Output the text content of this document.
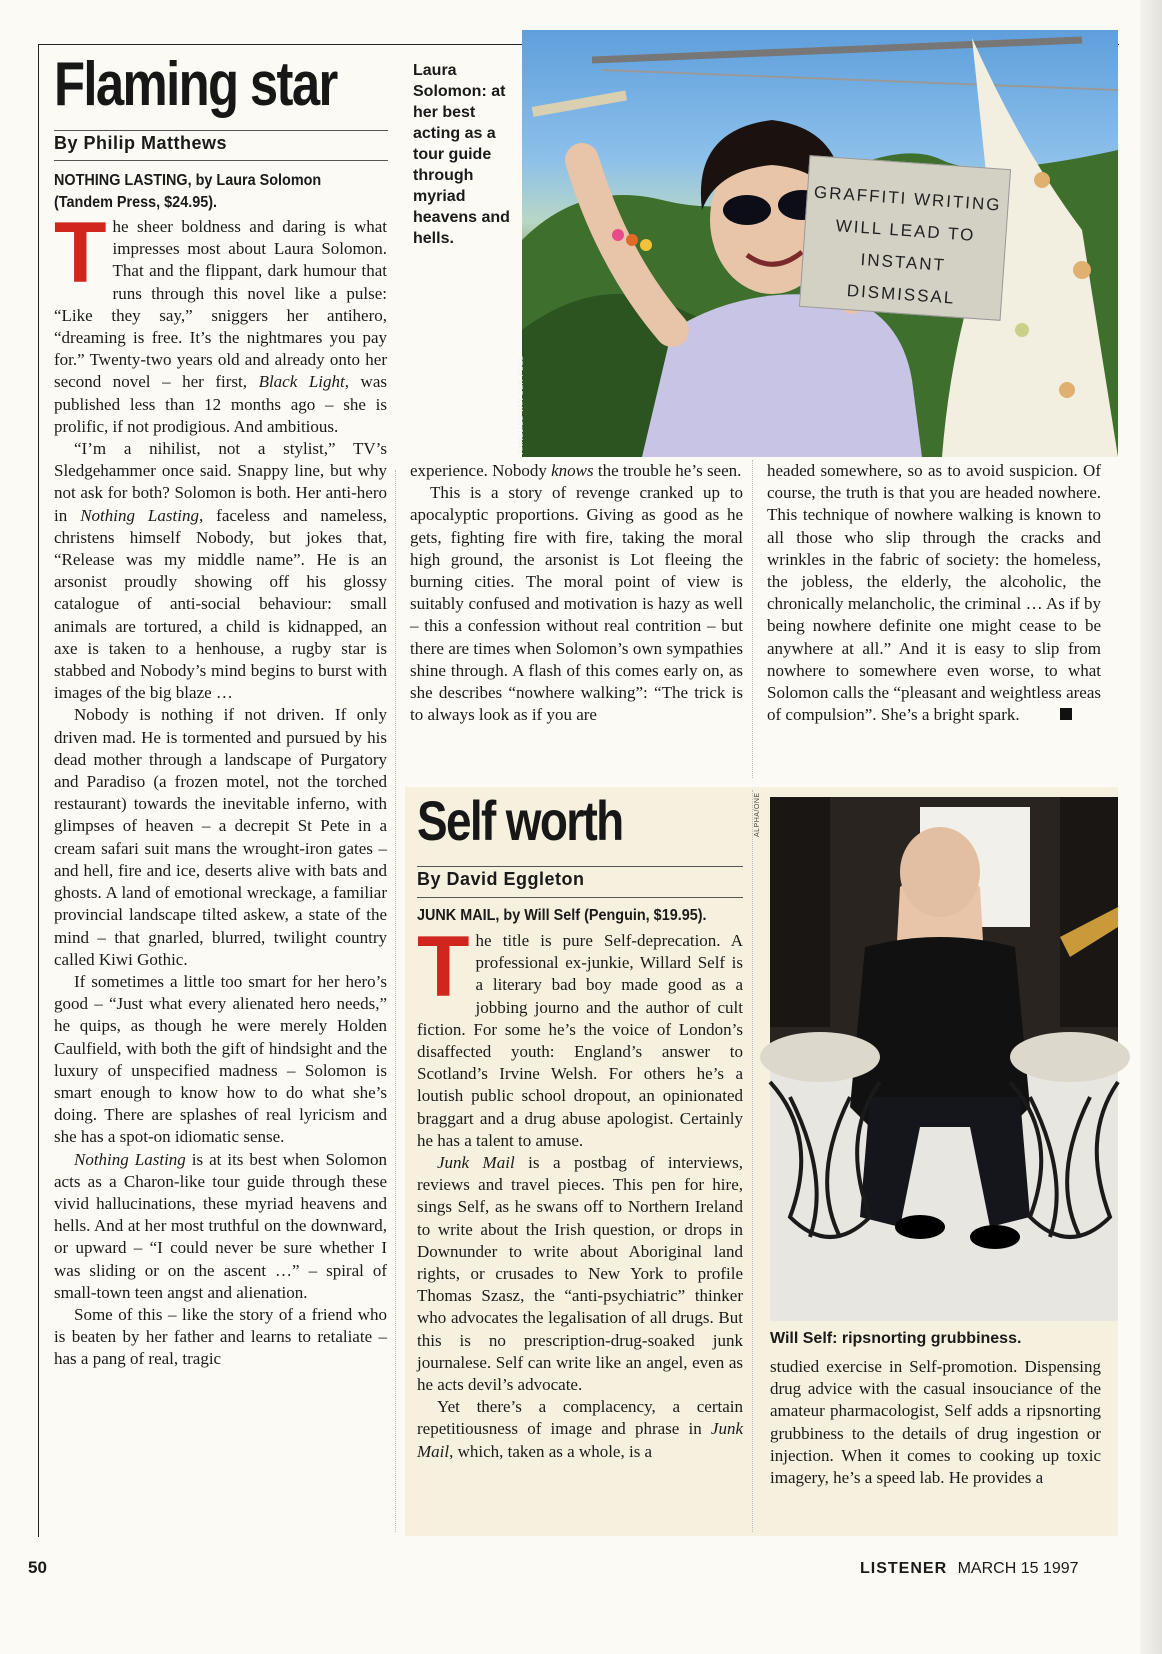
Flaming star
By Philip Matthews
NOTHING LASTING, by Laura Solomon (Tandem Press, $24.95).

The sheer boldness and daring is what impresses most about Laura Solomon. That and the flippant, dark humour that runs through this novel like a pulse: “Like they say,” sniggers her antihero, “dreaming is free. It’s the nightmares you pay for.” Twenty-two years old and already onto her second novel – her first, Black Light, was published less than 12 months ago – she is prolific, if not prodigious. And ambitious.

“I’m a nihilist, not a stylist,” TV’s Sledgehammer once said. Snappy line, but why not ask for both? Solomon is both. Her anti-hero in Nothing Lasting, faceless and nameless, christens himself Nobody, but jokes that, “Release was my middle name”. He is an arsonist proudly showing off his glossy catalogue of anti-social behaviour: small animals are tortured, a child is kidnapped, an axe is taken to a henhouse, a rugby star is stabbed and Nobody’s mind begins to burst with images of the big blaze …

Nobody is nothing if not driven. If only driven mad. He is tormented and pursued by his dead mother through a landscape of Purgatory and Paradiso (a frozen motel, not the torched restaurant) towards the inevitable inferno, with glimpses of heaven – a decrepit St Pete in a cream safari suit mans the wrought-iron gates – and hell, fire and ice, deserts alive with bats and ghosts. A land of emotional wreckage, a familiar provincial landscape tilted askew, a state of the mind – that gnarled, blurred, twilight country called Kiwi Gothic.

If sometimes a little too smart for her hero’s good – “Just what every alienated hero needs,” he quips, as though he were merely Holden Caulfield, with both the gift of hindsight and the luxury of unspecified madness – Solomon is smart enough to know how to do what she’s doing. There are splashes of real lyricism and she has a spot-on idiomatic sense.

Nothing Lasting is at its best when Solomon acts as a Charon-like tour guide through these vivid hallucinations, these myriad heavens and hells. And at her most truthful on the downward, or upward – “I could never be sure whether I was sliding or on the ascent …” – spiral of small-town teen angst and alienation.

Some of this – like the story of a friend who is beaten by her father and learns to retaliate – has a pang of real, tragic

Laura Solomon: at her best acting as a tour guide through myriad heavens and hells.
GRAFFITI WRITING
WILL LEAD TO
INSTANT DISMISSAL
ANNELIES VAN DER POEL

experience. Nobody knows the trouble he’s seen.

This is a story of revenge cranked up to apocalyptic proportions. Giving as good as he gets, fighting fire with fire, taking the moral high ground, the arsonist is Lot fleeing the burning cities. The moral point of view is suitably confused and motivation is hazy as well – this a confession without real contrition – but there are times when Solomon’s own sympathies shine through. A flash of this comes early on, as she describes “nowhere walking”: “The trick is to always look as if you are

headed somewhere, so as to avoid suspicion. Of course, the truth is that you are headed nowhere. This technique of nowhere walking is known to all those who slip through the cracks and wrinkles in the fabric of society: the homeless, the jobless, the elderly, the alcoholic, the chronically melancholic, the criminal … As if by being nowhere definite one might cease to be anywhere at all.” And it is easy to slip from nowhere to somewhere even worse, to what Solomon calls the “pleasant and weightless areas of compulsion”. She’s a bright spark.

Self worth
By David Eggleton
JUNK MAIL, by Will Self (Penguin, $19.95).

The title is pure Self-deprecation. A professional ex-junkie, Willard Self is a literary bad boy made good as a jobbing journo and the author of cult fiction. For some he’s the voice of London’s disaffected youth: England’s answer to Scotland’s Irvine Welsh. For others he’s a loutish public school dropout, an opinionated braggart and a drug abuse apologist. Certainly he has a talent to amuse.

Junk Mail is a postbag of interviews, reviews and travel pieces. This pen for hire, sings Self, as he swans off to Northern Ireland to write about the Irish question, or drops in Downunder to write about Aboriginal land rights, or crusades to New York to profile Thomas Szasz, the “anti-psychiatric” thinker who advocates the legalisation of all drugs. But this is no prescription-drug-soaked junk journalese. Self can write like an angel, even as he acts devil’s advocate.

Yet there’s a complacency, a certain repetitiousness of image and phrase in Junk Mail, which, taken as a whole, is a

ALPHA/ONE
Will Self: ripsnorting grubbiness.

studied exercise in Self-promotion. Dispensing drug advice with the casual insouciance of the amateur pharmacologist, Self adds a ripsnorting grubbiness to the details of drug ingestion or injection. When it comes to cooking up toxic imagery, he’s a speed lab. He provides a

50	LISTENER MARCH 15 1997
